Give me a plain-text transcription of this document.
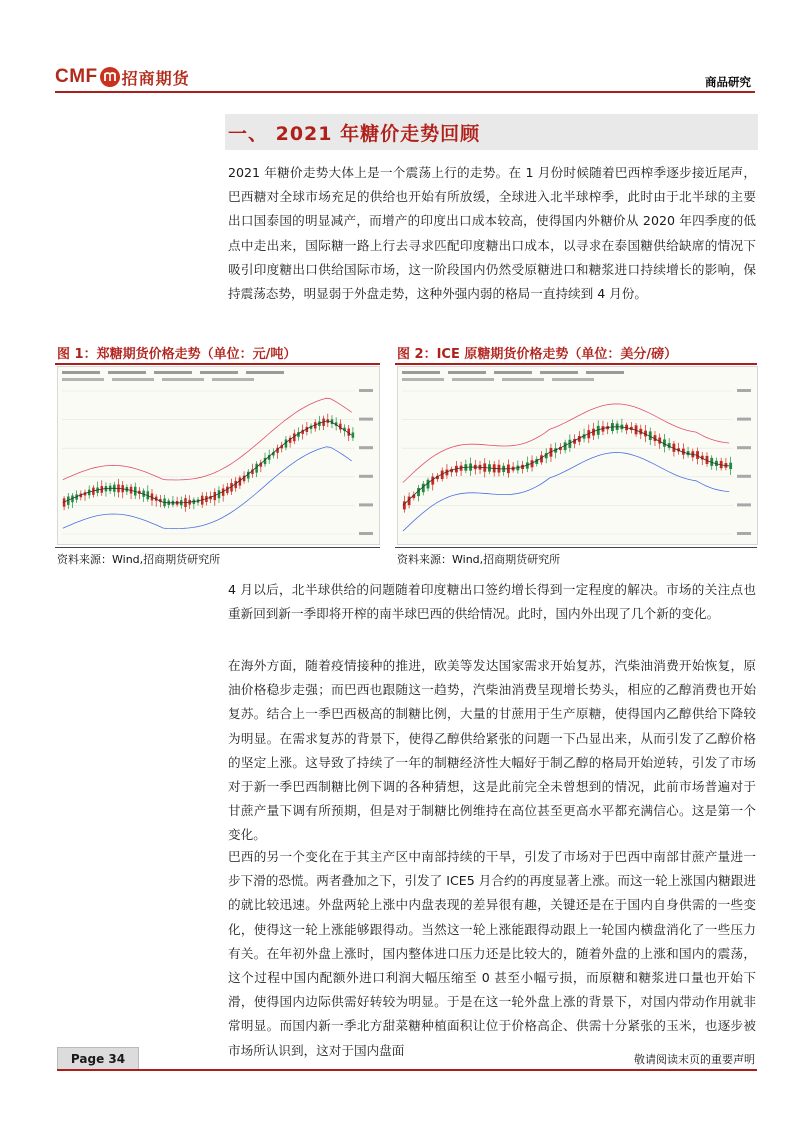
CMF 招商期货	商品研究
一、 2021 年糖价走势回顾
2021 年糖价走势大体上是一个震荡上行的走势。在 1 月份时候随着巴西榨季逐步接近尾声，巴西糖对全球市场充足的供给也开始有所放缓，全球进入北半球榨季，此时由于北半球的主要出口国泰国的明显减产，而增产的印度出口成本较高，使得国内外糖价从 2020 年四季度的低点中走出来，国际糖一路上行去寻求匹配印度糖出口成本，以寻求在泰国糖供给缺席的情况下吸引印度糖出口供给国际市场，这一阶段国内仍然受原糖进口和糖浆进口持续增长的影响，保持震荡态势，明显弱于外盘走势，这种外强内弱的格局一直持续到 4 月份。
图 1：郑糖期货价格走势（单位：元/吨）	图 2：ICE 原糖期货价格走势（单位：美分/磅）
资料来源：Wind,招商期货研究所	资料来源：Wind,招商期货研究所
4 月以后，北半球供给的问题随着印度糖出口签约增长得到一定程度的解决。市场的关注点也重新回到新一季即将开榨的南半球巴西的供给情况。此时，国内外出现了几个新的变化。
在海外方面，随着疫情接种的推进，欧美等发达国家需求开始复苏，汽柴油消费开始恢复，原油价格稳步走强；而巴西也跟随这一趋势，汽柴油消费呈现增长势头，相应的乙醇消费也开始复苏。结合上一季巴西极高的制糖比例，大量的甘蔗用于生产原糖，使得国内乙醇供给下降较为明显。在需求复苏的背景下，使得乙醇供给紧张的问题一下凸显出来，从而引发了乙醇价格的坚定上涨。这导致了持续了一年的制糖经济性大幅好于制乙醇的格局开始逆转，引发了市场对于新一季巴西制糖比例下调的各种猜想，这是此前完全未曾想到的情况，此前市场普遍对于甘蔗产量下调有所预期，但是对于制糖比例维持在高位甚至更高水平都充满信心。这是第一个变化。
巴西的另一个变化在于其主产区中南部持续的干旱，引发了市场对于巴西中南部甘蔗产量进一步下滑的恐慌。两者叠加之下，引发了 ICE5 月合约的再度显著上涨。而这一轮上涨国内糖跟进的就比较迅速。外盘两轮上涨中内盘表现的差异很有趣，关键还是在于国内自身供需的一些变化，使得这一轮上涨能够跟得动。当然这一轮上涨能跟得动跟上一轮国内横盘消化了一些压力有关。在年初外盘上涨时，国内整体进口压力还是比较大的，随着外盘的上涨和国内的震荡，这个过程中国内配额外进口利润大幅压缩至 0 甚至小幅亏损，而原糖和糖浆进口量也开始下滑，使得国内边际供需好转较为明显。于是在这一轮外盘上涨的背景下，对国内带动作用就非常明显。而国内新一季北方甜菜糖种植面积让位于价格高企、供需十分紧张的玉米，也逐步被市场所认识到，这对于国内盘面
Page 34	敬请阅读末页的重要声明
